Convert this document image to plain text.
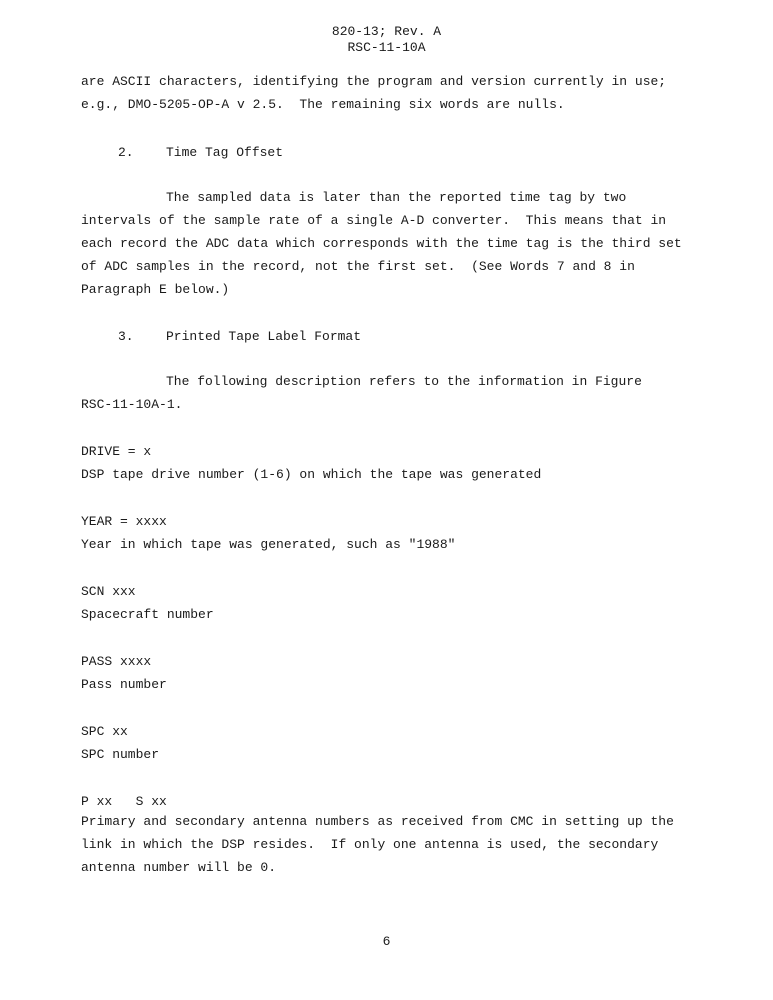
820-13; Rev. A
RSC-11-10A
are ASCII characters, identifying the program and version currently in use;
e.g., DMO-5205-OP-A v 2.5.  The remaining six words are nulls.
2. Time Tag Offset
The sampled data is later than the reported time tag by two
intervals of the sample rate of a single A-D converter.  This means that in
each record the ADC data which corresponds with the time tag is the third set
of ADC samples in the record, not the first set.  (See Words 7 and 8 in
Paragraph E below.)
3. Printed Tape Label Format
The following description refers to the information in Figure
RSC-11-10A-1.
DRIVE = x
DSP tape drive number (1-6) on which the tape was generated
YEAR = xxxx
Year in which tape was generated, such as "1988"
SCN xxx
Spacecraft number
PASS xxxx
Pass number
SPC xx
SPC number
P xx   S xx
Primary and secondary antenna numbers as received from CMC in setting up the
link in which the DSP resides.  If only one antenna is used, the secondary
antenna number will be 0.
6
